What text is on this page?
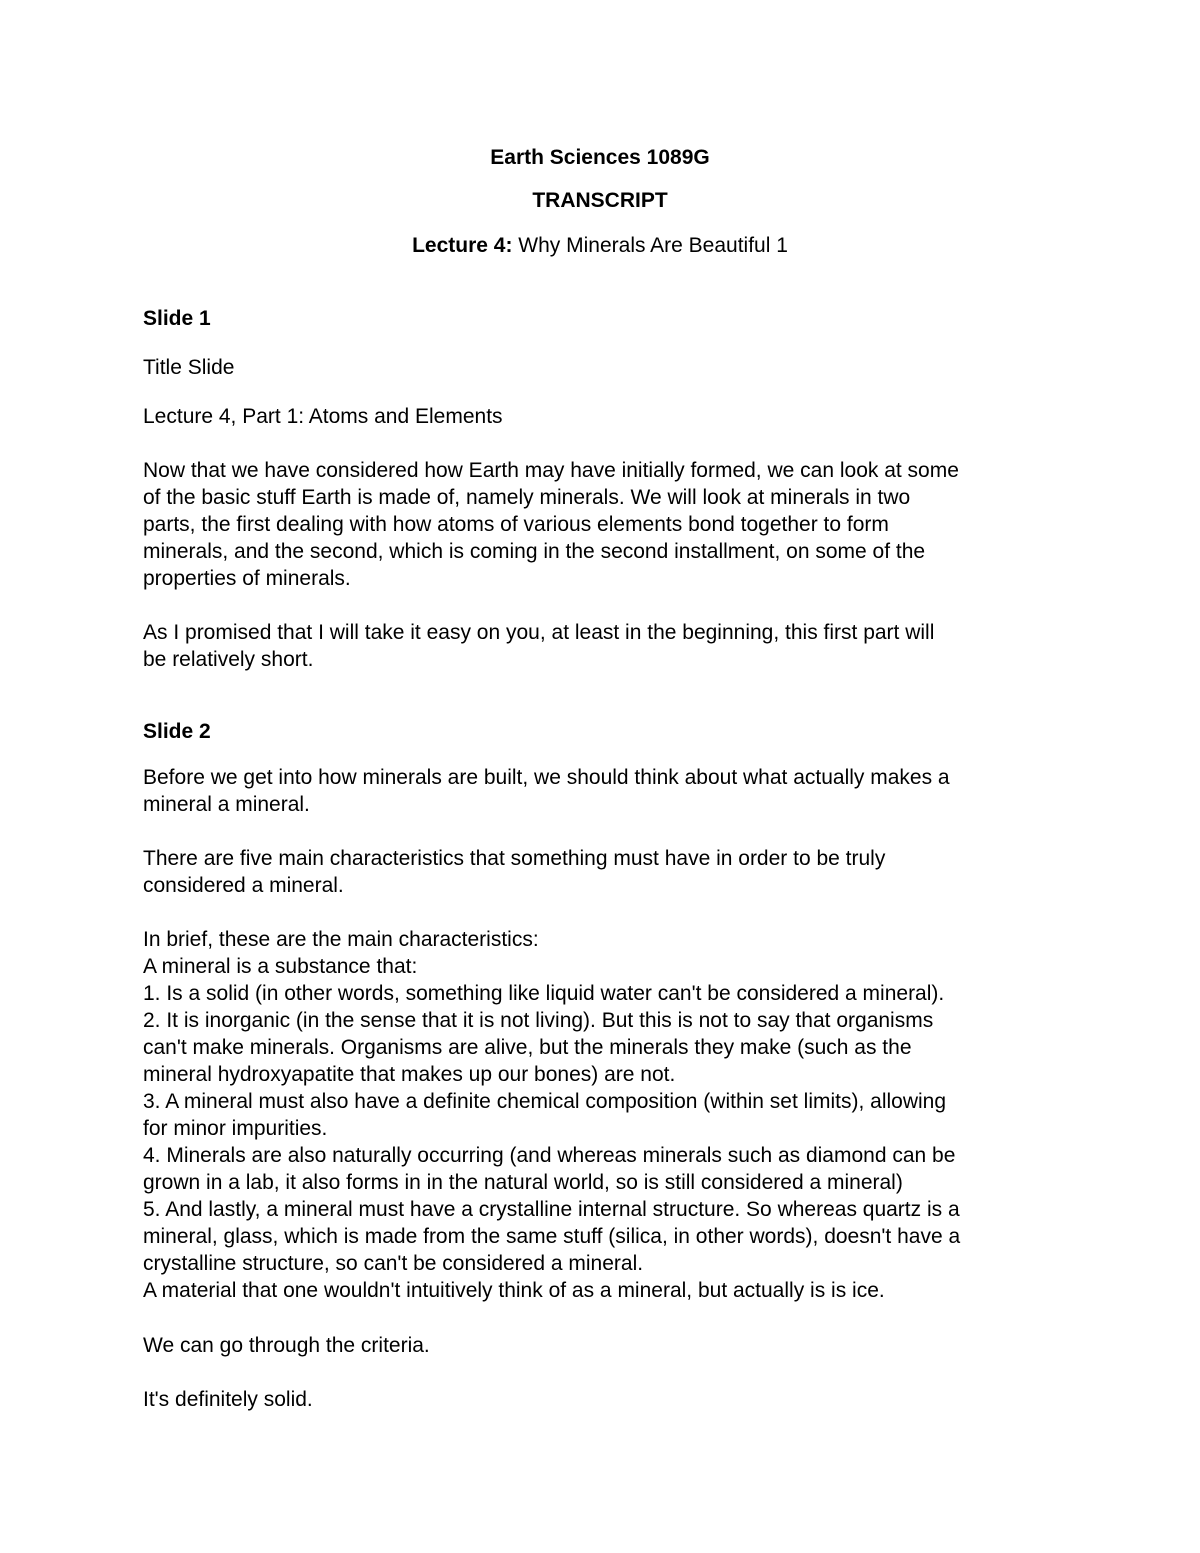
Earth Sciences 1089G
TRANSCRIPT
Lecture 4: Why Minerals Are Beautiful 1
Slide 1
Title Slide
Lecture 4, Part 1: Atoms and Elements
Now that we have considered how Earth may have initially formed, we can look at some
of the basic stuff Earth is made of, namely minerals. We will look at minerals in two
parts, the first dealing with how atoms of various elements bond together to form
minerals, and the second, which is coming in the second installment, on some of the
properties of minerals.
As I promised that I will take it easy on you, at least in the beginning, this first part will
be relatively short.
Slide 2
Before we get into how minerals are built, we should think about what actually makes a
mineral a mineral.
There are five main characteristics that something must have in order to be truly
considered a mineral.
In brief, these are the main characteristics:
A mineral is a substance that:
1. Is a solid (in other words, something like liquid water can't be considered a mineral).
2. It is inorganic (in the sense that it is not living). But this is not to say that organisms
can't make minerals. Organisms are alive, but the minerals they make (such as the
mineral hydroxyapatite that makes up our bones) are not.
3. A mineral must also have a definite chemical composition (within set limits), allowing
for minor impurities.
4. Minerals are also naturally occurring (and whereas minerals such as diamond can be
grown in a lab, it also forms in in the natural world, so is still considered a mineral)
5. And lastly, a mineral must have a crystalline internal structure. So whereas quartz is a
mineral, glass, which is made from the same stuff (silica, in other words), doesn't have a
crystalline structure, so can't be considered a mineral.
A material that one wouldn't intuitively think of as a mineral, but actually is is ice.
We can go through the criteria.
It's definitely solid.
